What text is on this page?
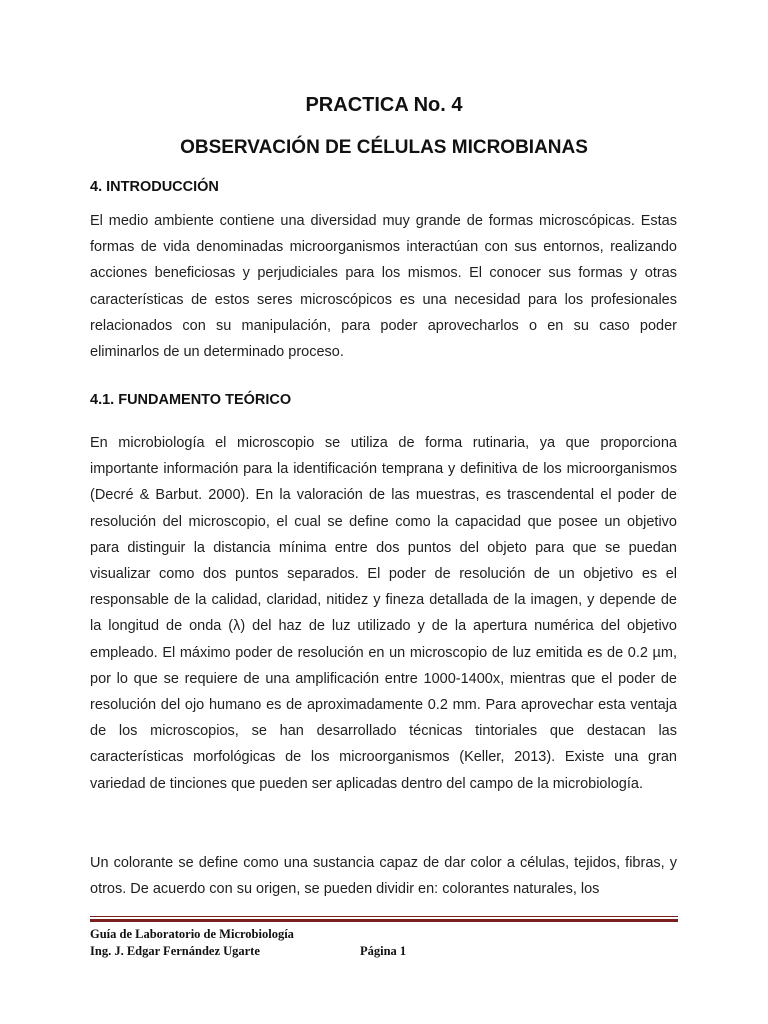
PRACTICA No. 4
OBSERVACIÓN DE CÉLULAS MICROBIANAS
4. INTRODUCCIÓN

El medio ambiente contiene una diversidad muy grande de formas microscópicas. Estas formas de vida denominadas microorganismos interactúan con sus entornos, realizando acciones beneficiosas y perjudiciales para los mismos. El conocer sus formas y otras características de estos seres microscópicos es una necesidad para los profesionales relacionados con su manipulación, para poder aprovecharlos o en su caso poder eliminarlos de un determinado proceso.

4.1. FUNDAMENTO TEÓRICO

En microbiología el microscopio se utiliza de forma rutinaria, ya que proporciona importante información para la identificación temprana y definitiva de los microorganismos (Decré & Barbut. 2000). En la valoración de las muestras, es trascendental el poder de resolución del microscopio, el cual se define como la capacidad que posee un objetivo para distinguir la distancia mínima entre dos puntos del objeto para que se puedan visualizar como dos puntos separados. El poder de resolución de un objetivo es el responsable de la calidad, claridad, nitidez y fineza detallada de la imagen, y depende de la longitud de onda (λ) del haz de luz utilizado y de la apertura numérica del objetivo empleado. El máximo poder de resolución en un microscopio de luz emitida es de 0.2 µm, por lo que se requiere de una amplificación entre 1000-1400x, mientras que el poder de resolución del ojo humano es de aproximadamente 0.2 mm. Para aprovechar esta ventaja de los microscopios, se han desarrollado técnicas tintoriales que destacan las características morfológicas de los microorganismos (Keller, 2013). Existe una gran variedad de tinciones que pueden ser aplicadas dentro del campo de la microbiología.

Un colorante se define como una sustancia capaz de dar color a células, tejidos, fibras, y otros. De acuerdo con su origen, se pueden dividir en: colorantes naturales, los

Guía de Laboratorio de Microbiología

Ing. J. Edgar Fernández Ugarte	Página 1
